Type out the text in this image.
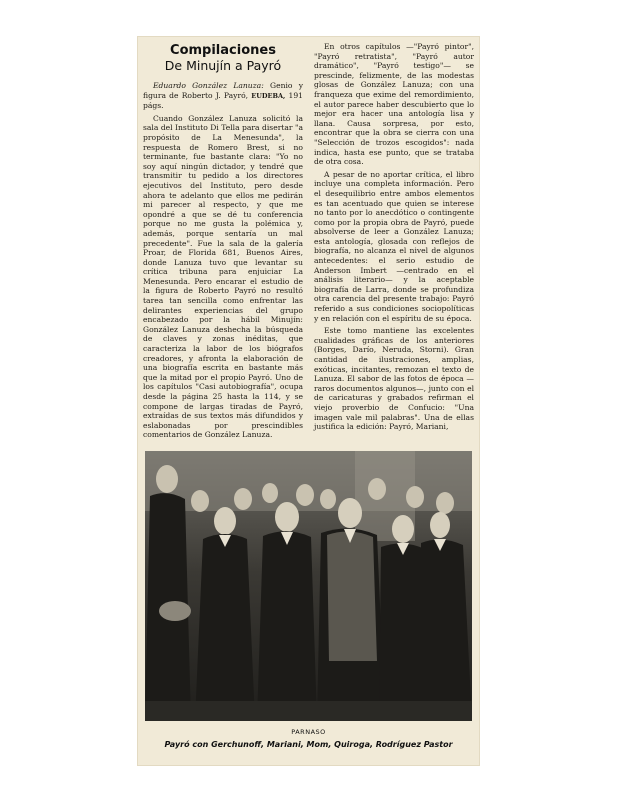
Compilaciones
De Minujín a Payró

Eduardo González Lanuza: Genio y figura de Roberto J. Payró, EUDEBA, 191 págs.

Cuando González Lanuza solicitó la sala del Instituto Di Tella para disertar "a propósito de La Menesunda", la respuesta de Romero Brest, si no terminante, fue bastante clara: "Yo no soy aquí ningún dictador, y tendré que transmitir tu pedido a los directores ejecutivos del Instituto, pero desde ahora te adelanto que ellos me pedirán mi parecer al respecto, y que me opondré a que se dé tu conferencia porque no me gusta la polémica y, además, porque sentaría un mal precedente". Fue la sala de la galería Proar, de Florida 681, Buenos Aires, donde Lanuza tuvo que levantar su crítica tribuna para enjuiciar La Menesunda. Pero encarar el estudio de la figura de Roberto Payró no resultó tarea tan sencilla como enfrentar las delirantes experiencias del grupo encabezado por la hábil Minujín: González Lanuza deshecha la búsqueda de claves y zonas inéditas, que caracteriza la labor de los biógrafos creadores, y afronta la elaboración de una biografía escrita en bastante más que la mitad por el propio Payró. Uno de los capítulos "Casi autobiografía", ocupa desde la página 25 hasta la 114, y se compone de largas tiradas de Payró, extraídas de sus textos más difundidos y eslabonadas por prescindibles comentarios de González Lanuza.

En otros capítulos —"Payró pintor", "Payró retratista", "Payró autor dramático", "Payró testigo"— se prescinde, felizmente, de las modestas glosas de González Lanuza; con una franqueza que exime del remordimiento, el autor parece haber descubierto que lo mejor era hacer una antología lisa y llana. Causa sorpresa, por esto, encontrar que la obra se cierra con una "Selección de trozos escogidos": nada indica, hasta ese punto, que se trataba de otra cosa.

A pesar de no aportar crítica, el libro incluye una completa información. Pero el desequilibrio entre ambos elementos es tan acentuado que quien se interese no tanto por lo anecdótico o contingente como por la propia obra de Payró, puede absolverse de leer a González Lanuza; esta antología, glosada con reflejos de biografía, no alcanza el nivel de algunos antecedentes: el serio estudio de Anderson Imbert —centrado en el análisis literario— y la aceptable biografía de Larra, donde se profundiza otra carencia del presente trabajo: Payró referido a sus condiciones sociopolíticas y en relación con el espíritu de su época.

Este tomo mantiene las excelentes cualidades gráficas de los anteriores (Borges, Darío, Neruda, Storni). Gran cantidad de ilustraciones, amplias, exóticas, incitantes, remozan el texto de Lanuza. El sabor de las fotos de época —raros documentos algunos—, junto con el de caricaturas y grabados refirman el viejo proverbio de Confucio: "Una imagen vale mil palabras". Una de ellas justifica la edición: Payró, Mariani,

PARNASO
Payró con Gerchunoff, Mariani, Mom, Quiroga, Rodríguez Pastor
